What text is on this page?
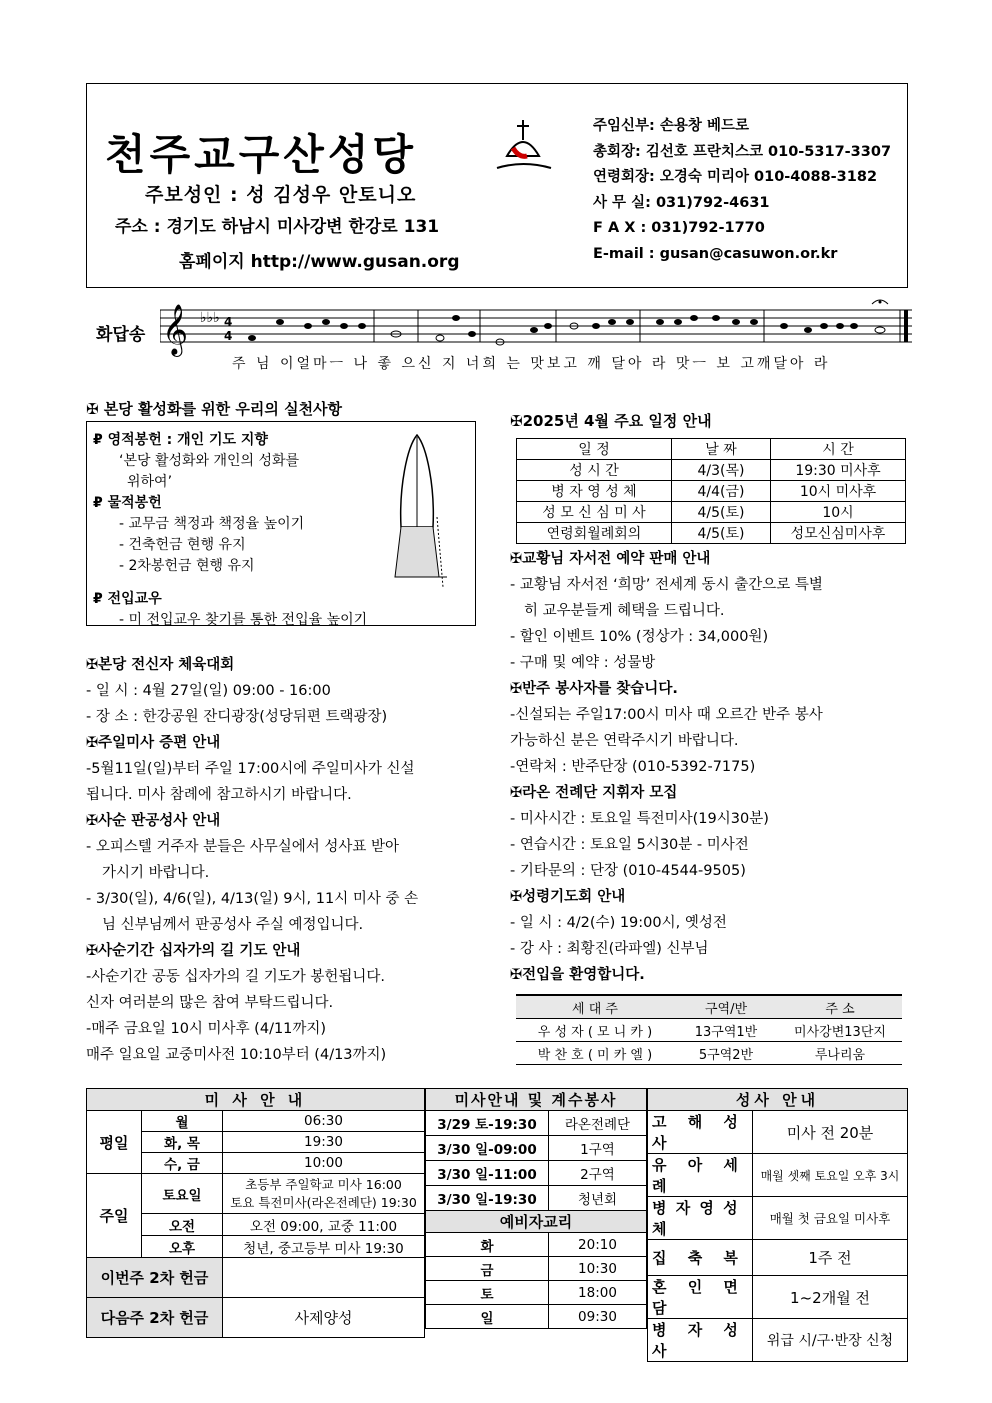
천주교구산성당
주보성인 : 성 김성우 안토니오
주소 : 경기도 하남시 미사강변 한강로 131
홈페이지 http://www.gusan.org
주임신부: 손용창 베드로
총회장: 김선호 프란치스코 010-5317-3307
연령회장: 오경숙 미리아 010-4088-3182
사 무 실: 031)792-4631
F A X : 031)792-1770
E-mail : gusan@casuwon.or.kr
화답송 𝄞 ♭♭♭ 4
4
주 님 이얼마ㅡ 나 좋 으신 지 너희 는 맛보고 깨 달아 라 맛ㅡ 보 고깨달아 라
✠ 본당 활성화를 위한 우리의 실천사항
₽ 영적봉헌 : 개인 기도 지향
‘본당 활성화와 개인의 성화를
위하여’
₽ 물적봉헌
- 교무금 책정과 책정율 높이기
- 건축헌금 현행 유지
- 2차봉헌금 현행 유지
₽ 전입교우
- 미 전입교우 찾기를 통한 전입율 높이기
✠본당 전신자 체육대회
- 일 시 : 4월 27일(일) 09:00 - 16:00
- 장 소 : 한강공원 잔디광장(성당뒤편 트랙광장)
✠주일미사 증편 안내
-5월11일(일)부터 주일 17:00시에 주일미사가 신설
됩니다. 미사 참례에 참고하시기 바랍니다.
✠사순 판공성사 안내
- 오피스텔 거주자 분들은 사무실에서 성사표 받아
가시기 바랍니다.
- 3/30(일), 4/6(일), 4/13(일) 9시, 11시 미사 중 손
님 신부님께서 판공성사 주실 예정입니다.
✠사순기간 십자가의 길 기도 안내
-사순기간 공동 십자가의 길 기도가 봉헌됩니다.
신자 여러분의 많은 참여 부탁드립니다.
-매주 금요일 10시 미사후 (4/11까지)
매주 일요일 교중미사전 10:10부터 (4/13까지)
✠2025년 4월 주요 일정 안내
일 정	날 짜	시 간
성 시 간	4/3(목)	19:30 미사후
병 자 영 성 체	4/4(금)	10시 미사후
성 모 신 심 미 사	4/5(토)	10시
연령회월례회의	4/5(토)	성모신심미사후
✠교황님 자서전 예약 판매 안내
- 교황님 자서전 ‘희망’ 전세계 동시 출간으로 특별
히 교우분들게 혜택을 드립니다.
- 할인 이벤트 10% (정상가 : 34,000원)
- 구매 및 예약 : 성물방
✠반주 봉사자를 찾습니다.
-신설되는 주일17:00시 미사 때 오르간 반주 봉사
가능하신 분은 연락주시기 바랍니다.
-연락처 : 반주단장 (010-5392-7175)
✠라온 전례단 지휘자 모집
- 미사시간 : 토요일 특전미사(19시30분)
- 연습시간 : 토요일 5시30분 - 미사전
- 기타문의 : 단장 (010-4544-9505)
✠성령기도회 안내
- 일 시 : 4/2(수) 19:00시, 옛성전
- 강 사 : 최황진(라파엘) 신부님
✠전입을 환영합니다.
세 대 주	구역/반	주 소
우 성 자 ( 모 니 카 )	13구역1반	미사강변13단지
박 찬 호 ( 미 카 엘 )	5구역2반	루나리움
미 사 안 내		
평일	월	06:30
	화, 목	19:30
	수, 금	10:00
주일	토요일	초등부 주일학교 미사 16:00
토요 특전미사(라온전례단) 19:30

	오전	오전 09:00, 교중 11:00
	오후	청년, 중고등부 미사 19:30
이번주 2차 헌금		
다음주 2차 헌금		사제양성
미사안내 및 계수봉사	
3/29 토-19:30	라온전례단
3/30 일-09:00	1구역
3/30 일-11:00	2구역
3/30 일-19:30	청년회
예비자교리	
화	20:10
금	10:30
토	18:00
일	09:30
성사 안내	
고 해 성 사	미사 전 20분
유 아 세 례	매월 셋째 토요일 오후 3시
병 자 영 성 체	매월 첫 금요일 미사후
집 축 복	1주 전
혼 인 면 담	1~2개월 전
병 자 성 사	위급 시/구·반장 신청
